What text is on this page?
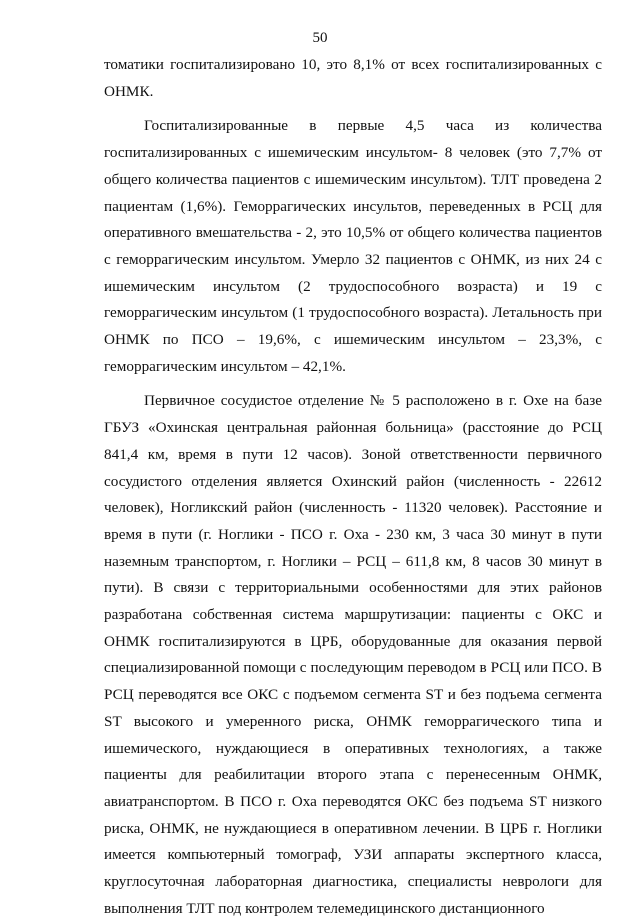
50

томатики госпитализировано 10, это 8,1% от всех госпитализированных с ОНМК.

Госпитализированные в первые 4,5 часа из количества госпитализированных с ишемическим инсультом- 8 человек (это 7,7% от общего количества пациентов с ишемическим инсультом). ТЛТ проведена 2 пациентам (1,6%). Геморрагических инсультов, переведенных в РСЦ для оперативного вмешательства - 2, это 10,5% от общего количества пациентов с геморрагическим инсультом. Умерло 32 пациентов с ОНМК, из них 24 с ишемическим инсультом (2 трудоспособного возраста) и 19 с геморрагическим инсультом (1 трудоспособного возраста). Летальность при ОНМК по ПСО – 19,6%, с ишемическим инсультом – 23,3%, с геморрагическим инсультом – 42,1%.

Первичное сосудистое отделение № 5 расположено в г. Охе на базе ГБУЗ «Охинская центральная районная больница» (расстояние до РСЦ 841,4 км, время в пути 12 часов). Зоной ответственности первичного сосудистого отделения является Охинский район (численность - 22612 человек), Ногликский район (численность - 11320 человек). Расстояние и время в пути (г. Ноглики - ПСО г. Оха - 230 км, 3 часа 30 минут в пути наземным транспортом, г. Ноглики – РСЦ – 611,8 км, 8 часов 30 минут в пути). В связи с территориальными особенностями для этих районов разработана собственная система маршрутизации: пациенты с ОКС и ОНМК госпитализируются в ЦРБ, оборудованные для оказания первой специализированной помощи с последующим переводом в РСЦ или ПСО. В РСЦ переводятся все ОКС с подъемом сегмента ST и без подъема сегмента ST высокого и умеренного риска, ОНМК геморрагического типа и ишемического, нуждающиеся в оперативных технологиях, а также пациенты для реабилитации второго этапа с перенесенным ОНМК, авиатранспортом. В ПСО г. Оха переводятся ОКС без подъема ST низкого риска, ОНМК, не нуждающиеся в оперативном лечении. В ЦРБ г. Ноглики имеется компьютерный томограф, УЗИ аппараты экспертного класса, круглосуточная лабораторная диагностика, специалисты неврологи для выполнения ТЛТ под контролем телемедицинского дистанционного
